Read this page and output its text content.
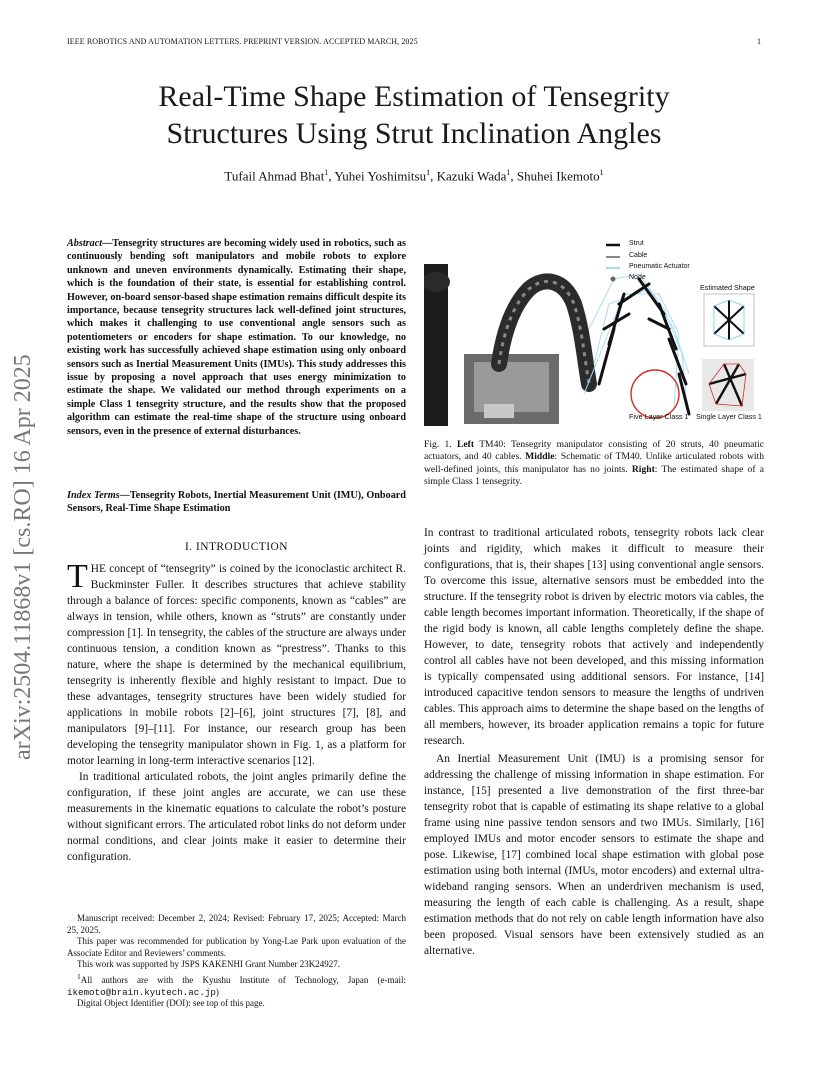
IEEE ROBOTICS AND AUTOMATION LETTERS. PREPRINT VERSION. ACCEPTED MARCH, 2025	1
arXiv:2504.11868v1 [cs.RO] 16 Apr 2025
Real-Time Shape Estimation of Tensegrity
Structures Using Strut Inclination Angles
Tufail Ahmad Bhat$^1$, Yuhei Yoshimitsu$^1$, Kazuki Wada$^1$, Shuhei Ikemoto$^1$
Abstract—Tensegrity structures are becoming widely used in robotics, such as continuously bending soft manipulators and mobile robots to explore unknown and uneven environments dynamically. Estimating their shape, which is the foundation of their state, is essential for establishing control. However, on-board sensor-based shape estimation remains difficult despite its importance, because tensegrity structures lack well-defined joint structures, which makes it challenging to use conventional angle sensors such as potentiometers or encoders for shape estimation. To our knowledge, no existing work has successfully achieved shape estimation using only onboard sensors such as Inertial Measurement Units (IMUs). This study addresses this issue by proposing a novel approach that uses energy minimization to estimate the shape. We validated our method through experiments on a simple Class 1 tensegrity structure, and the results show that the proposed algorithm can estimate the real-time shape of the structure using onboard sensors, even in the presence of external disturbances.
Index Terms—Tensegrity Robots, Inertial Measurement Unit (IMU), Onboard Sensors, Real-Time Shape Estimation
I. INTRODUCTION

THE concept of “tensegrity” is coined by the iconoclastic architect R. Buckminster Fuller. It describes structures that achieve stability through a balance of forces: specific components, known as “cables” are always in tension, while others, known as “struts” are constantly under compression [1]. In tensegrity, the cables of the structure are always under continuous tension, a condition known as “prestress”. Thanks to this nature, where the shape is determined by the mechanical equilibrium, tensegrity is inherently flexible and highly resistant to impact. Due to these advantages, tensegrity structures have been widely studied for applications in mobile robots [2]–[6], joint structures [7], [8], and manipulators [9]–[11]. For instance, our research group has been developing the tensegrity manipulator shown in Fig. 1, as a platform for motor learning in long-term interactive scenarios [12].

In traditional articulated robots, the joint angles primarily define the configuration, if these joint angles are accurate, we can use these measurements in the kinematic equations to calculate the robot’s posture without significant errors. The articulated robot links do not deform under normal conditions, and clear joints make it easier to determine their configuration.

Manuscript received: December 2, 2024; Revised: February 17, 2025; Accepted: March 25, 2025.

This paper was recommended for publication by Yong-Lae Park upon evaluation of the Associate Editor and Reviewers’ comments.

This work was supported by JSPS KAKENHI Grant Number 23K24927.

$^1$All authors are with the Kyushu Institute of Technology, Japan (e-mail: ikemoto@brain.kyutech.ac.jp)

Digital Object Identifier (DOI): see top of this page.

Strut
Cable
Pneumatic Actuator
Node
Estimated Shape
Five Layer Class 1 Single Layer Class 1
Fig. 1. Left TM40: Tensegrity manipulator consisting of 20 struts, 40 pneumatic actuators, and 40 cables. Middle: Schematic of TM40. Unlike articulated robots with well-defined joints, this manipulator has no joints. Right: The estimated shape of a simple Class 1 tensegrity.

In contrast to traditional articulated robots, tensegrity robots lack clear joints and rigidity, which makes it difficult to measure their configurations, that is, their shapes [13] using conventional angle sensors. To overcome this issue, alternative sensors must be embedded into the structure. If the tensegrity robot is driven by electric motors via cables, the cable length becomes important information. Theoretically, if the shape of the rigid body is known, all cable lengths completely define the shape. However, to date, tensegrity robots that actively and independently control all cables have not been developed, and this missing information is typically compensated using additional sensors. For instance, [14] introduced capacitive tendon sensors to measure the lengths of undriven cables. This approach aims to determine the shape based on the lengths of all members, however, its broader application remains a topic for future research.

An Inertial Measurement Unit (IMU) is a promising sensor for addressing the challenge of missing information in shape estimation. For instance, [15] presented a live demonstration of the first three-bar tensegrity robot that is capable of estimating its shape relative to a global frame using nine passive tendon sensors and two IMUs. Similarly, [16] employed IMUs and motor encoder sensors to estimate the shape and pose. Likewise, [17] combined local shape estimation with global pose estimation using both internal (IMUs, motor encoders) and external ultra-wideband ranging sensors. When an underdriven mechanism is used, measuring the length of each cable is challenging. As a result, shape estimation methods that do not rely on cable length information have also been proposed. Visual sensors have been extensively studied as an alternative.
